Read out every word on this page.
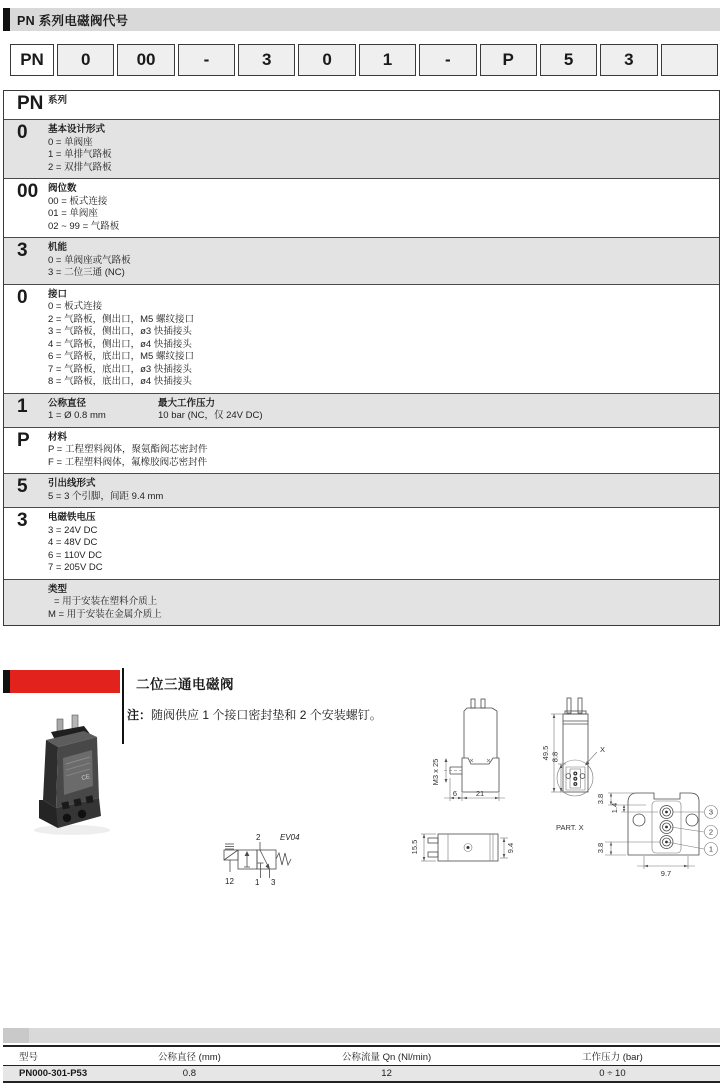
PN 系列电磁阀代号
PN	0	00	-	3	0	1	-	P	5	3
PN 系列
0	基本设计形式
0 = 单阀座
1 = 单排气路板
2 = 双排气路板
00	阀位数
00 = 板式连接
01 = 单阀座
02 ~ 99 = 气路板
3	机能
0 = 单阀座或气路板
3 = 二位三通 (NC)
0	接口
0 = 板式连接
2 = 气路板，侧出口，M5 螺纹接口
3 = 气路板，侧出口，ø3 快插接头
4 = 气路板，侧出口，ø4 快插接头
6 = 气路板，底出口，M5 螺纹接口
7 = 气路板，底出口，ø3 快插接头
8 = 气路板，底出口，ø4 快插接头
1	公称直径
1 = Ø 0.8 mm
最大工作压力
10 bar (NC，仅 24V DC)
P	材料
P = 工程塑料阀体，聚氨酯阀芯密封件
F = 工程塑料阀体，氟橡胶阀芯密封件
5	引出线形式
5 = 3 个引脚，间距 9.4 mm
3	电磁铁电压
3 = 24V DC
4 = 48V DC
6 = 110V DC
7 = 205V DC
类型
= 用于安装在塑料介质上
M = 用于安装在金属介质上
二位三通电磁阀
注：随阀供应 1 个接口密封垫和 2 个安装螺钉。
CE
2 EV04
12	1 3
M3 x 25
6 21
49.5 8.8
X
15.5	9.4
PART. X
3.8
1.4
3.8
9.7
3
2
1
型号	公称直径 (mm)	公称流量 Qn (Nl/min)	工作压力 (bar)
PN000-301-P53	0.8	12	0 ÷ 10
